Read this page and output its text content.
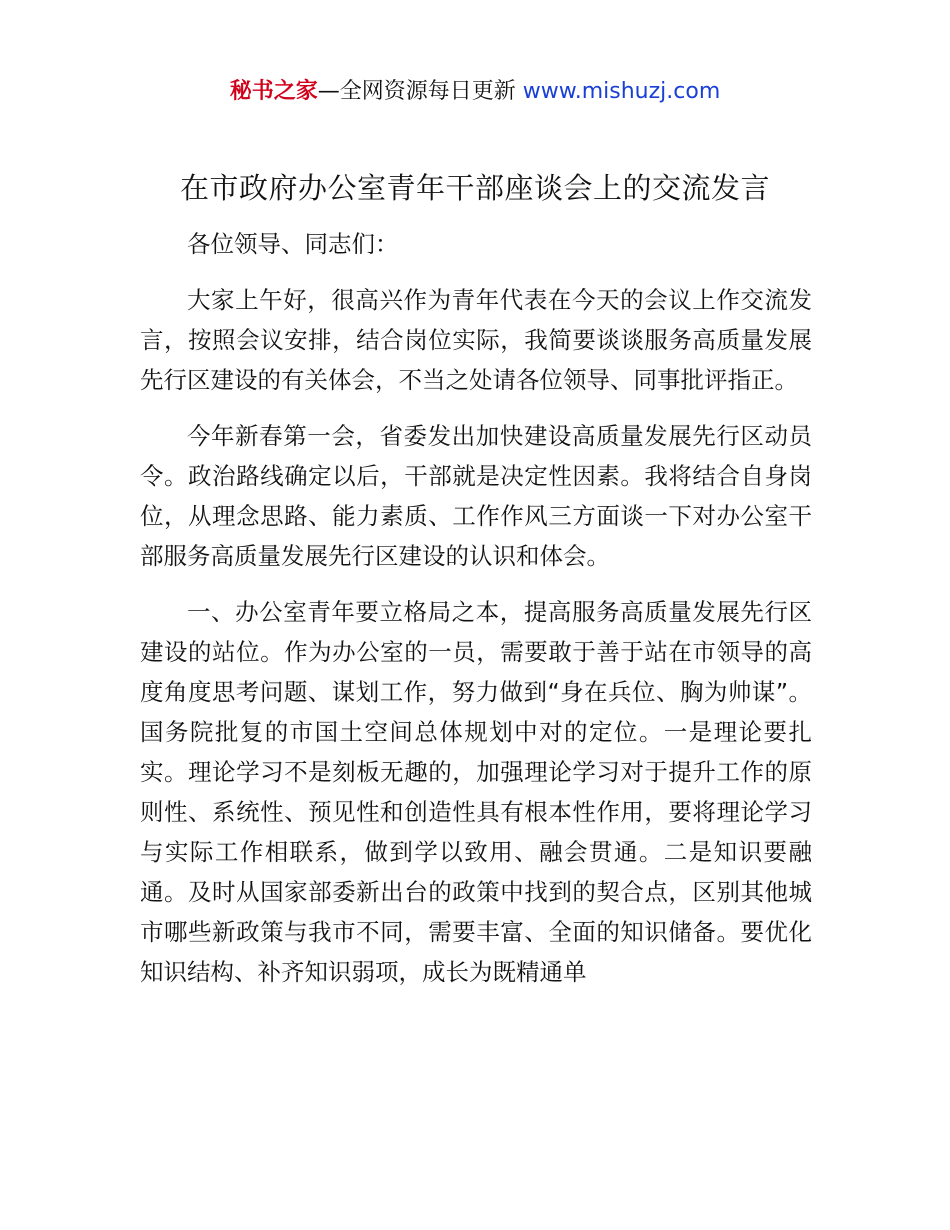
秘书之家—全网资源每日更新 www.mishuzj.com
在市政府办公室青年干部座谈会上的交流发言

各位领导、同志们：

大家上午好，很高兴作为青年代表在今天的会议上作交流发言，按照会议安排，结合岗位实际，我简要谈谈服务高质量发展先行区建设的有关体会，不当之处请各位领导、同事批评指正。

今年新春第一会，省委发出加快建设高质量发展先行区动员令。政治路线确定以后，干部就是决定性因素。我将结合自身岗位，从理念思路、能力素质、工作作风三方面谈一下对办公室干部服务高质量发展先行区建设的认识和体会。

一、办公室青年要立格局之本，提高服务高质量发展先行区建设的站位。作为办公室的一员，需要敢于善于站在市领导的高度角度思考问题、谋划工作，努力做到“身在兵位、胸为帅谋”。国务院批复的市国土空间总体规划中对的定位。一是理论要扎实。理论学习不是刻板无趣的，加强理论学习对于提升工作的原则性、系统性、预见性和创造性具有根本性作用，要将理论学习与实际工作相联系，做到学以致用、融会贯通。二是知识要融通。及时从国家部委新出台的政策中找到的契合点，区别其他城市哪些新政策与我市不同，需要丰富、全面的知识储备。要优化知识结构、补齐知识弱项，成长为既精通单
